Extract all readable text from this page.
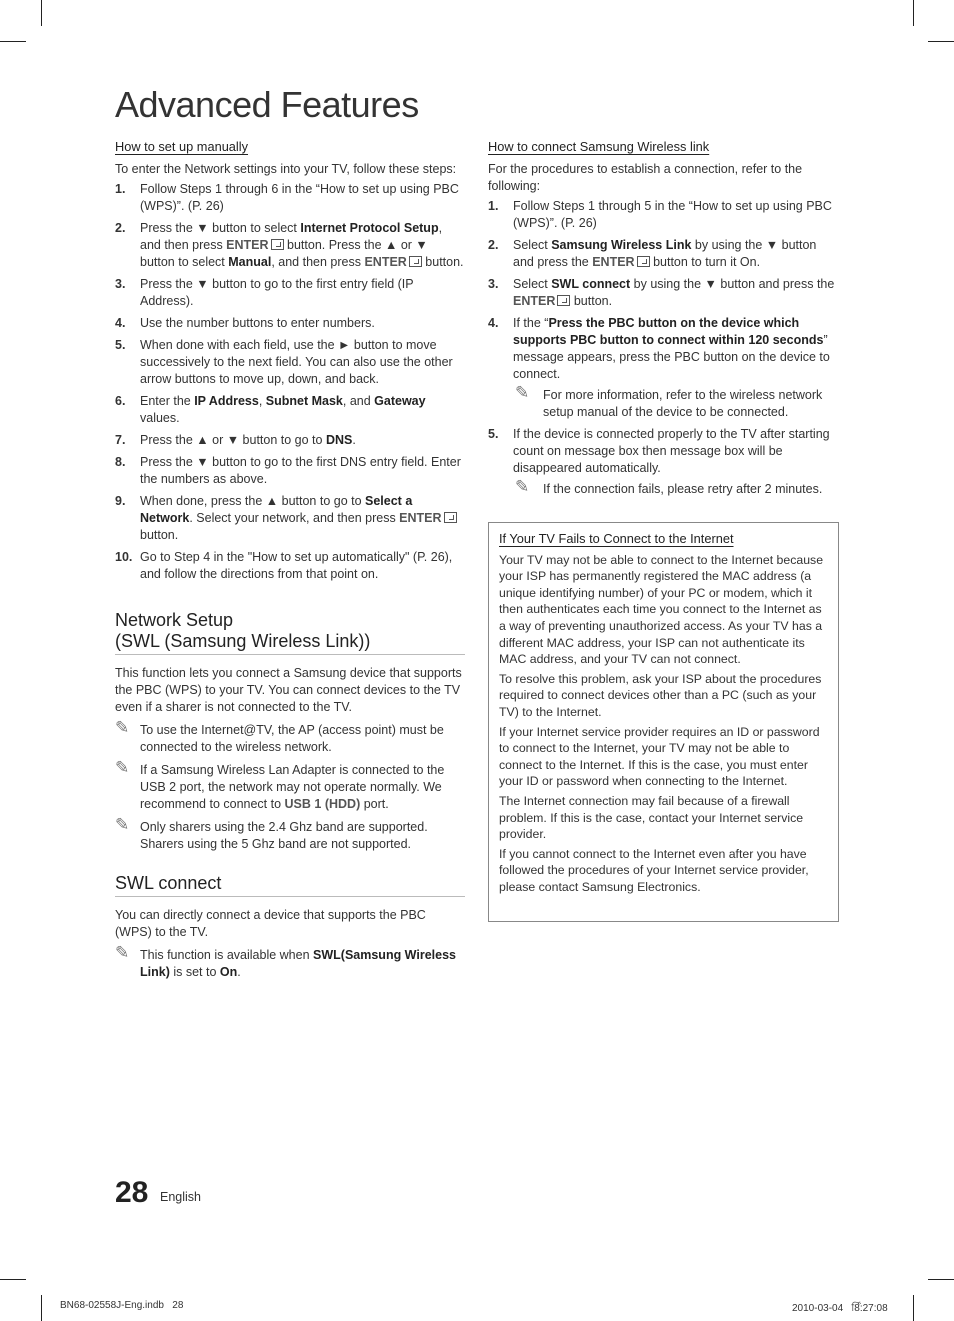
Advanced Features
How to set up manually

To enter the Network settings into your TV, follow these steps:

1. Follow Steps 1 through 6 in the “How to set up using PBC (WPS)”. (P. 26)
2. Press the ▼ button to select Internet Protocol Setup, and then press ENTER button. Press the ▲ or ▼ button to select Manual, and then press ENTER button.
3. Press the ▼ button to go to the first entry field (IP Address).
4. Use the number buttons to enter numbers.
5. When done with each field, use the ► button to move successively to the next field. You can also use the other arrow buttons to move up, down, and back.
6. Enter the IP Address, Subnet Mask, and Gateway values.
7. Press the ▲ or ▼ button to go to DNS.
8. Press the ▼ button to go to the first DNS entry field. Enter the numbers as above.
9. When done, press the ▲ button to go to Select a Network. Select your network, and then press ENTER button.
10. Go to Step 4 in the "How to set up automatically" (P. 26), and follow the directions from that point on.
Network Setup
(SWL (Samsung Wireless Link))

This function lets you connect a Samsung device that supports the PBC (WPS) to your TV. You can connect devices to the TV even if a sharer is not connected to the TV.

✎ To use the Internet@TV, the AP (access point) must be connected to the wireless network.
✎ If a Samsung Wireless Lan Adapter is connected to the USB 2 port, the network may not operate normally. We recommend to connect to USB 1 (HDD) port.
✎ Only sharers using the 2.4 Ghz band are supported. Sharers using the 5 Ghz band are not supported.
SWL connect

You can directly connect a device that supports the PBC (WPS) to the TV.

✎ This function is available when SWL(Samsung Wireless Link) is set to On.
How to connect Samsung Wireless link

For the procedures to establish a connection, refer to the following:

1. Follow Steps 1 through 5 in the “How to set up using PBC (WPS)”. (P. 26)
2. Select Samsung Wireless Link by using the ▼ button and press the ENTER button to turn it On.
3. Select SWL connect by using the ▼ button and press the ENTER button.
4. If the “Press the PBC button on the device which supports PBC button to connect within 120 seconds” message appears, press the PBC button on the device to connect.
✎ For more information, refer to the wireless network setup manual of the device to be connected.
5. If the device is connected properly to the TV after starting count on message box then message box will be disappeared automatically.
✎ If the connection fails, please retry after 2 minutes.
If Your TV Fails to Connect to the Internet

Your TV may not be able to connect to the Internet because your ISP has permanently registered the MAC address (a unique identifying number) of your PC or modem, which it then authenticates each time you connect to the Internet as a way of preventing unauthorized access. As your TV has a different MAC address, your ISP can not authenticate its MAC address, and your TV can not connect.

To resolve this problem, ask your ISP about the procedures required to connect devices other than a PC (such as your TV) to the Internet.

If your Internet service provider requires an ID or password to connect to the Internet, your TV may not be able to connect to the Internet. If this is the case, you must enter your ID or password when connecting to the Internet.

The Internet connection may fail because of a firewall problem. If this is the case, contact your Internet service provider.

If you cannot connect to the Internet even after you have followed the procedures of your Internet service provider, please contact Samsung Electronics.

28 English
BN68-02558J-Eng.indb   28	2010-03-04   ￯ 8:27:08
